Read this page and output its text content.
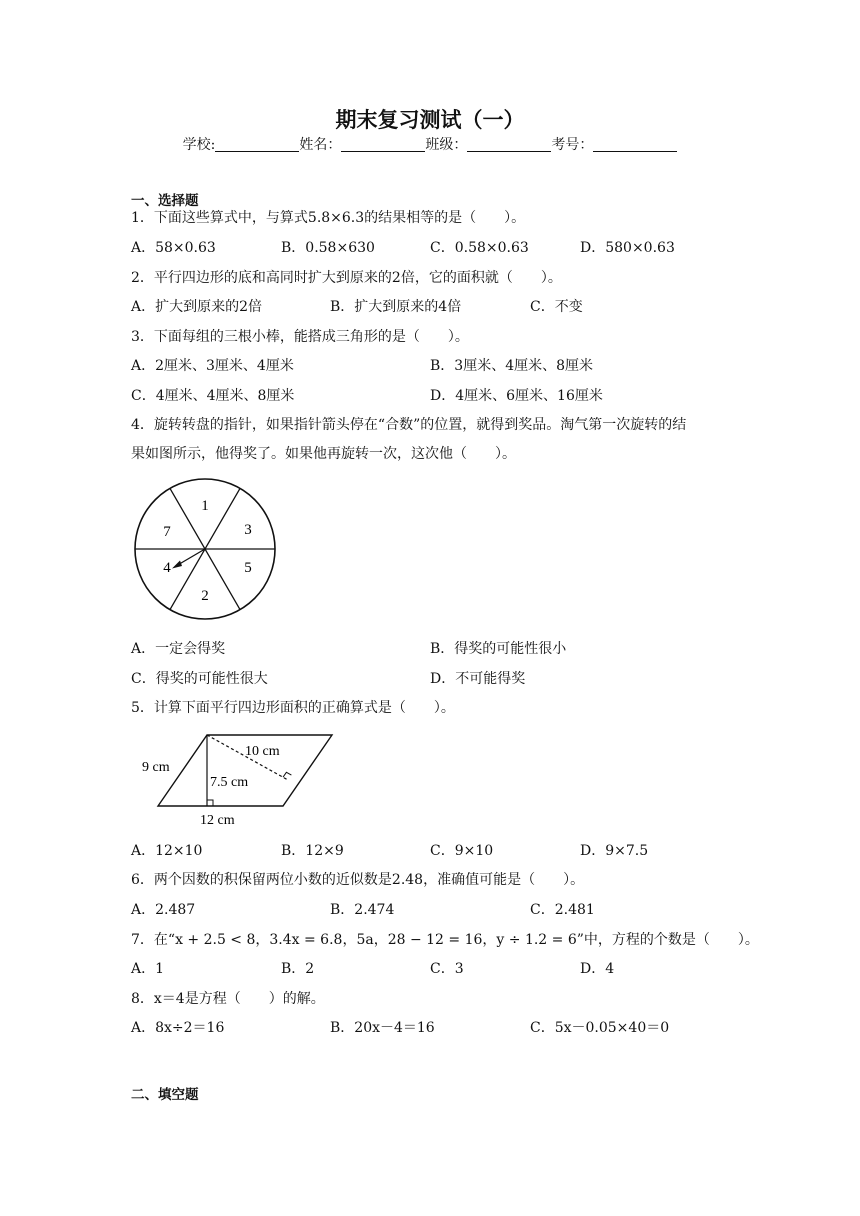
期末复习测试（一）
学校:	姓名：	班级：	考号：
一、选择题
1．下面这些算式中，与算式5.8×6.3的结果相等的是（　　）。
A．58×0.63	B．0.58×630	C．0.58×0.63	D．580×0.63
2．平行四边形的底和高同时扩大到原来的2倍，它的面积就（　　）。
A．扩大到原来的2倍	B．扩大到原来的4倍	C．不变
3．下面每组的三根小棒，能搭成三角形的是（　　）。
A．2厘米、3厘米、4厘米	B．3厘米、4厘米、8厘米
C．4厘米、4厘米、8厘米	D．4厘米、6厘米、16厘米
4．旋转转盘的指针，如果指针箭头停在“合数”的位置，就得到奖品。淘气第一次旋转的结
果如图所示，他得奖了。如果他再旋转一次，这次他（　　）。
1
3
5
2
4
7
A．一定会得奖	B．得奖的可能性很小
C．得奖的可能性很大	D．不可能得奖
5．计算下面平行四边形面积的正确算式是（　　）。
9 cm
10 cm
7.5 cm
12 cm
A．12×10	B．12×9	C．9×10	D．9×7.5
6．两个因数的积保留两位小数的近似数是2.48，准确值可能是（　　）。
A．2.487	B．2.474	C．2.481
7．在“x + 2.5 < 8，3.4x = 6.8，5a，28 − 12 = 16，y ÷ 1.2 = 6”中，方程的个数是（　　）。
A．1	B．2	C．3	D．4
8．x＝4是方程（　　）的解。
A．8x÷2＝16	B．20x－4＝16	C．5x－0.05×40＝0
二、填空题
